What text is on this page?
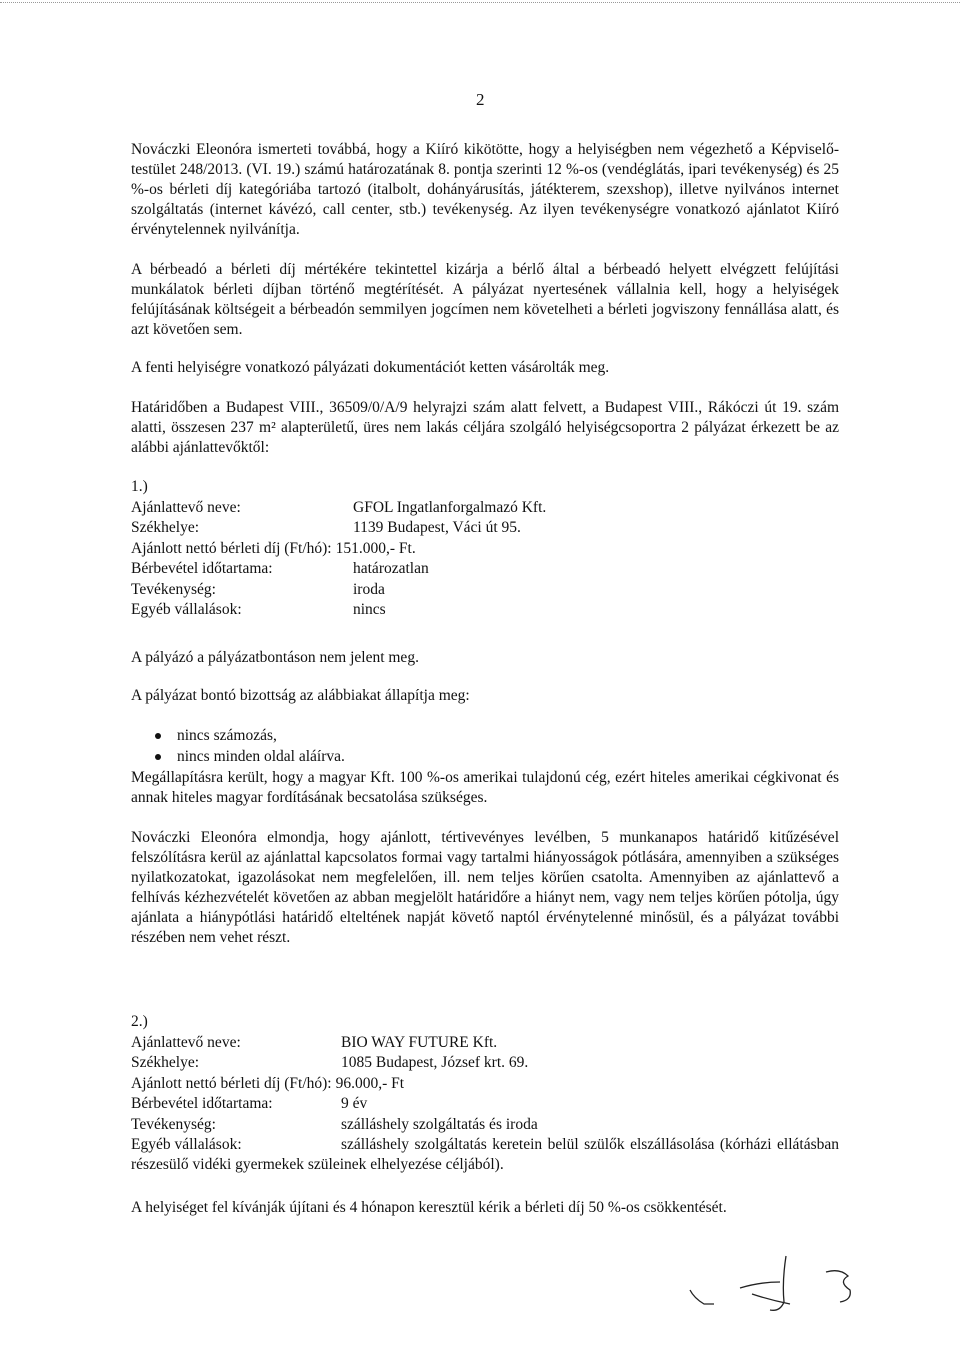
2

Nováczki Eleonóra ismerteti továbbá, hogy a Kiíró kikötötte, hogy a helyiségben nem végezhető a Képviselő-testület 248/2013. (VI. 19.) számú határozatának 8. pontja szerinti 12 %-os (vendéglátás, ipari tevékenység) és 25 %-os bérleti díj kategóriába tartozó (italbolt, dohányárusítás, játékterem, szexshop), illetve nyilvános internet szolgáltatás (internet kávézó, call center, stb.) tevékenység. Az ilyen tevékenységre vonatkozó ajánlatot Kiíró érvénytelennek nyilvánítja.

A bérbeadó a bérleti díj mértékére tekintettel kizárja a bérlő által a bérbeadó helyett elvégzett felújítási munkálatok bérleti díjban történő megtérítését. A pályázat nyertesének vállalnia kell, hogy a helyiségek felújításának költségeit a bérbeadón semmilyen jogcímen nem követelheti a bérleti jogviszony fennállása alatt, és azt követően sem.

A fenti helyiségre vonatkozó pályázati dokumentációt ketten vásárolták meg.

Határidőben a Budapest VIII., 36509/0/A/9 helyrajzi szám alatt felvett, a Budapest VIII., Rákóczi út 19. szám alatti, összesen 237 m² alapterületű, üres nem lakás céljára szolgáló helyiségcsoportra 2 pályázat érkezett be az alábbi ajánlattevőktől:

1.)
Ajánlattevő neve:	GFOL Ingatlanforgalmazó Kft.
Székhelye:	1139 Budapest, Váci út 95.
Ajánlott nettó bérleti díj (Ft/hó): 151.000,- Ft.
Bérbevétel időtartama:	határozatlan
Tevékenység:	iroda
Egyéb vállalások:	nincs

A pályázó a pályázatbontáson nem jelent meg.

A pályázat bontó bizottság az alábbiakat állapítja meg:

nincs számozás,
nincs minden oldal aláírva.

Megállapításra került, hogy a magyar Kft. 100 %-os amerikai tulajdonú cég, ezért hiteles amerikai cégkivonat és annak hiteles magyar fordításának becsatolása szükséges.

Nováczki Eleonóra elmondja, hogy ajánlott, tértivevényes levélben, 5 munkanapos határidő kitűzésével felszólításra kerül az ajánlattal kapcsolatos formai vagy tartalmi hiányosságok pótlására, amennyiben a szükséges nyilatkozatokat, igazolásokat nem megfelelően, ill. nem teljes körűen csatolta. Amennyiben az ajánlattevő a felhívás kézhezvételét követően az abban megjelölt határidőre a hiányt nem, vagy nem teljes körűen pótolja, úgy ajánlata a hiánypótlási határidő elteltének napját követő naptól érvénytelenné minősül, és a pályázat további részében nem vehet részt.

2.)
Ajánlattevő neve:	BIO WAY FUTURE Kft.
Székhelye:	1085 Budapest, József krt. 69.
Ajánlott nettó bérleti díj (Ft/hó): 96.000,- Ft
Bérbevétel időtartama:	9 év
Tevékenység:	szálláshely szolgáltatás és iroda
Egyéb vállalások:	szálláshely szolgáltatás keretein belül szülők elszállásolása (kórházi ellátásban részesülő vidéki gyermekek szüleinek elhelyezése céljából).

A helyiséget fel kívánják újítani és 4 hónapon keresztül kérik a bérleti díj 50 %-os csökkentését.
